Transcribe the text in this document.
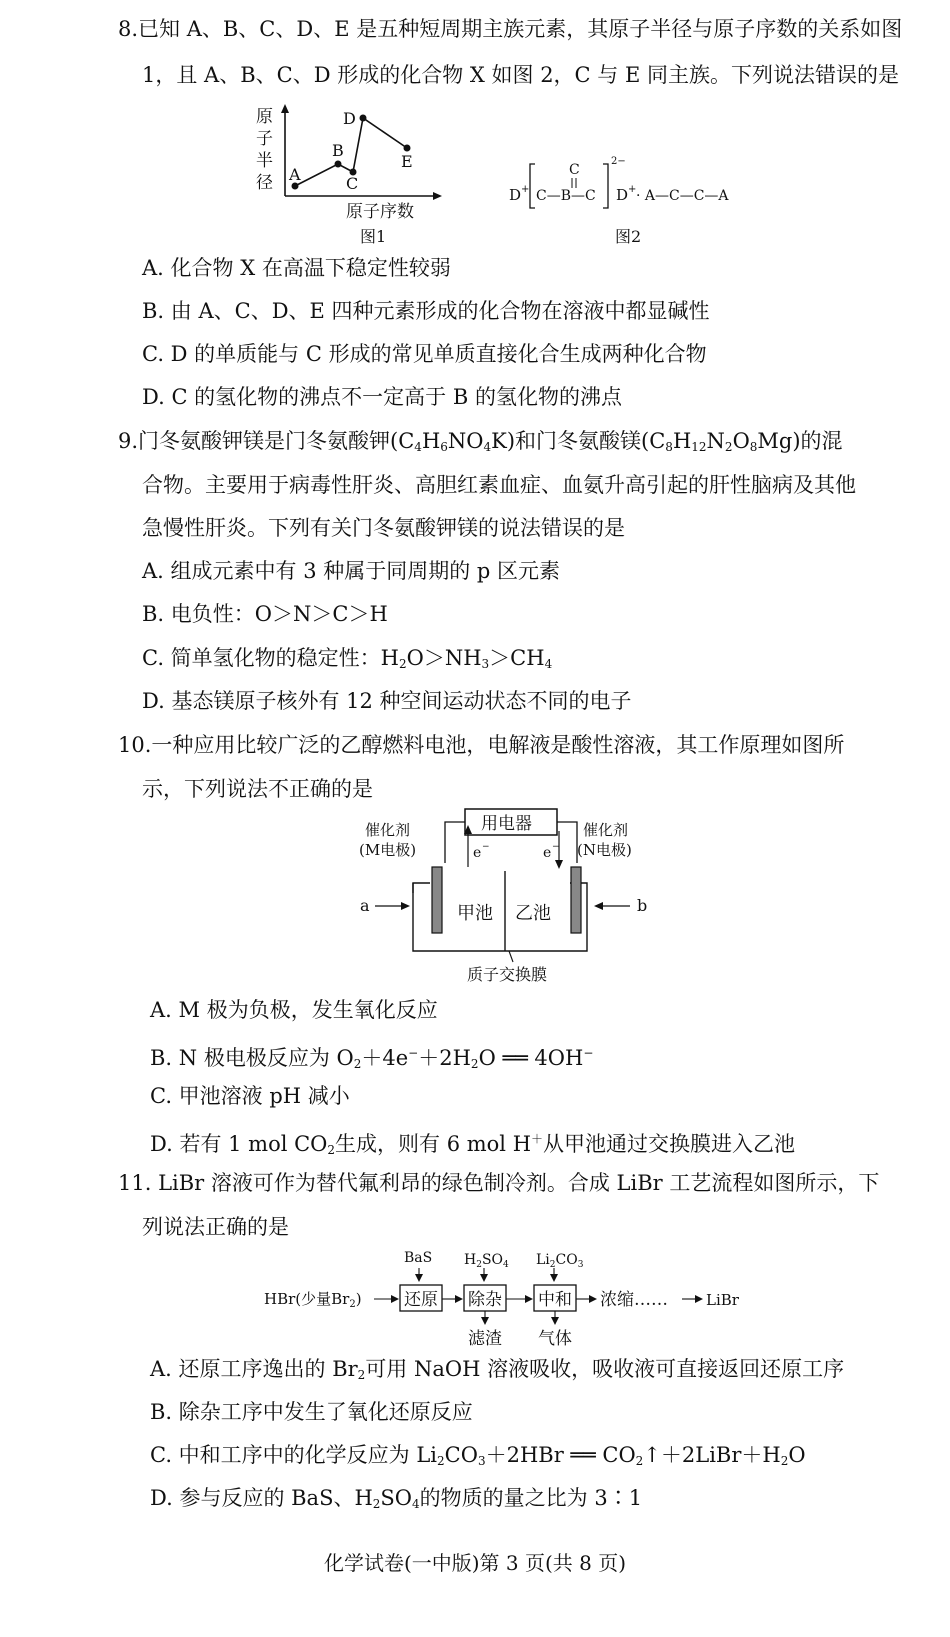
8.已知 A、B、C、D、E 是五种短周期主族元素，其原子半径与原子序数的关系如图
1，且 A、B、C、D 形成的化合物 X 如图 2，C 与 E 同主族。下列说法错误的是
原
子
半
径 A
B
C
D
E
原子序数
图1
D +
C
C—B—C
2−
D + · A—C—C—A
图2
A. 化合物 X 在高温下稳定性较弱
B. 由 A、C、D、E 四种元素形成的化合物在溶液中都显碱性
C. D 的单质能与 C 形成的常见单质直接化合生成两种化合物
D. C 的氢化物的沸点不一定高于 B 的氢化物的沸点
9.门冬氨酸钾镁是门冬氨酸钾$(C_4H_6NO_4K)$和门冬氨酸镁$(C_8H_{12}N_2O_8Mg)$的混
合物。主要用于病毒性肝炎、高胆红素血症、血氨升高引起的肝性脑病及其他
急慢性肝炎。下列有关门冬氨酸钾镁的说法错误的是
A. 组成元素中有 3 种属于同周期的 p 区元素
B. 电负性：O＞N＞C＞H
C. 简单氢化物的稳定性：$H_2O>NH_3>CH_4$
D. 基态镁原子核外有 12 种空间运动状态不同的电子
10.一种应用比较广泛的乙醇燃料电池，电解液是酸性溶液，其工作原理如图所
示，下列说法不正确的是
用电器
e −	e −
催化剂
(M电极)
催化剂
(N电极)
甲池 乙池
a	b
质子交换膜
A. M 极为负极，发生氧化反应
B. N 极电极反应为 $O_2+4e^-+2H_2O$ ══ 4OH−
C. 甲池溶液 pH 减小
D. 若有 1 mol $CO_2$生成，则有 6 mol H＋从甲池通过交换膜进入乙池
11. LiBr 溶液可作为替代氟利昂的绿色制冷剂。合成 LiBr 工艺流程如图所示，下
列说法正确的是
BaS $H_2SO_4$ $Li_2CO_3$
HBr(少量$Br_2$) 还原 除杂 中和 浓缩……	LiBr
滤渣 气体
A. 还原工序逸出的 $Br_2$可用 NaOH 溶液吸收，吸收液可直接返回还原工序
B. 除杂工序中发生了氧化还原反应
C. 中和工序中的化学反应为 $Li_2CO_3+2HBr$ ══ $CO_2↑+2LiBr+H_2O$
D. 参与反应的 BaS、$H_2SO_4$的物质的量之比为 3∶1
化学试卷(一中版)第 3 页(共 8 页)
